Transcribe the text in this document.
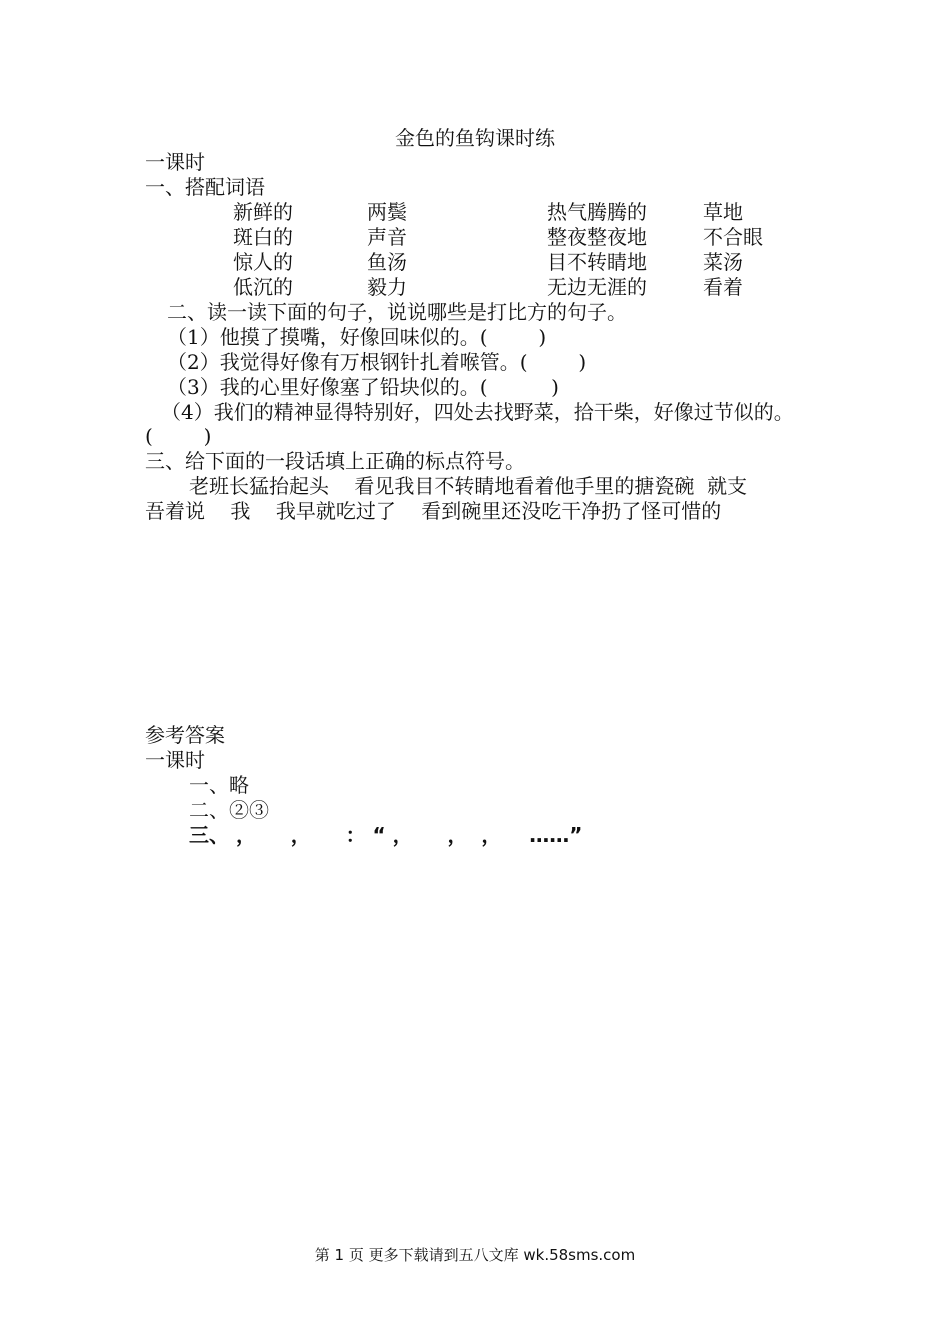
金色的鱼钩课时练
一课时
一、搭配词语
新鲜的	两鬓	热气腾腾的	草地
斑白的	声音	整夜整夜地	不合眼
惊人的	鱼汤	目不转睛地	菜汤
低沉的	毅力	无边无涯的	看着
二、读一读下面的句子，说说哪些是打比方的句子。
（1）他摸了摸嘴，好像回味似的。(        )
（2）我觉得好像有万根钢针扎着喉管。(        )
（3）我的心里好像塞了铅块似的。(          )
（4）我们的精神显得特别好，四处去找野菜，拾干柴，好像过节似的。
(        )
三、给下面的一段话填上正确的标点符号。
老班长猛抬起头    看见我目不转睛地看着他手里的搪瓷碗  就支
吾着说    我    我早就吃过了    看到碗里还没吃干净扔了怪可惜的
参考答案
一课时
一、略
二、②③
三、 ，     ，     ： “ ，     ，  ，    ……”
第 1 页 更多下载请到五八文库 wk.58sms.com
